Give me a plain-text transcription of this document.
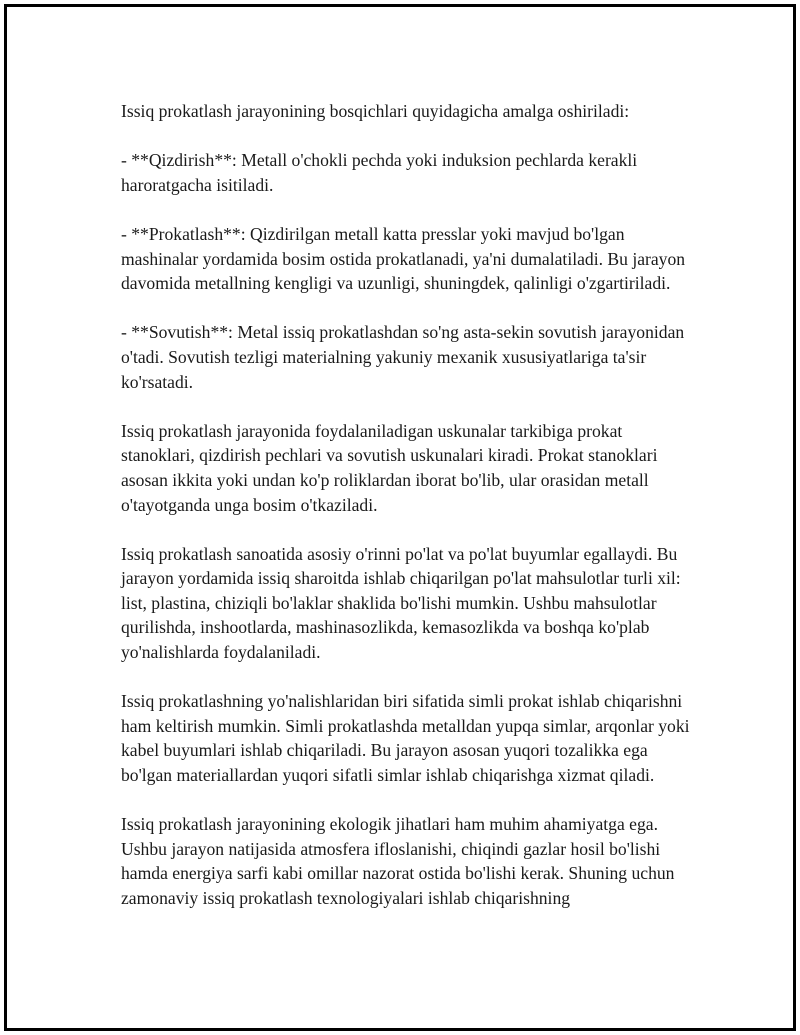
Issiq prokatlash jarayonining bosqichlari quyidagicha amalga oshiriladi:

- **Qizdirish**: Metall o'chokli pechda yoki induksion pechlarda kerakli haroratgacha isitiladi.

- **Prokatlash**: Qizdirilgan metall katta presslar yoki mavjud bo'lgan mashinalar yordamida bosim ostida prokatlanadi, ya'ni dumalatiladi. Bu jarayon davomida metallning kengligi va uzunligi, shuningdek, qalinligi o'zgartiriladi.

- **Sovutish**: Metal issiq prokatlashdan so'ng asta-sekin sovutish jarayonidan o'tadi. Sovutish tezligi materialning yakuniy mexanik xususiyatlariga ta'sir ko'rsatadi.

Issiq prokatlash jarayonida foydalaniladigan uskunalar tarkibiga prokat stanoklari, qizdirish pechlari va sovutish uskunalari kiradi. Prokat stanoklari asosan ikkita yoki undan ko'p roliklardan iborat bo'lib, ular orasidan metall o'tayotganda unga bosim o'tkaziladi.

Issiq prokatlash sanoatida asosiy o'rinni po'lat va po'lat buyumlar egallaydi. Bu jarayon yordamida issiq sharoitda ishlab chiqarilgan po'lat mahsulotlar turli xil: list, plastina, chiziqli bo'laklar shaklida bo'lishi mumkin. Ushbu mahsulotlar qurilishda, inshootlarda, mashinasozlikda, kemasozlikda va boshqa ko'plab yo'nalishlarda foydalaniladi.

Issiq prokatlashning yo'nalishlaridan biri sifatida simli prokat ishlab chiqarishni ham keltirish mumkin. Simli prokatlashda metalldan yupqa simlar, arqonlar yoki kabel buyumlari ishlab chiqariladi. Bu jarayon asosan yuqori tozalikka ega bo'lgan materiallardan yuqori sifatli simlar ishlab chiqarishga xizmat qiladi.

Issiq prokatlash jarayonining ekologik jihatlari ham muhim ahamiyatga ega. Ushbu jarayon natijasida atmosfera ifloslanishi, chiqindi gazlar hosil bo'lishi hamda energiya sarfi kabi omillar nazorat ostida bo'lishi kerak. Shuning uchun zamonaviy issiq prokatlash texnologiyalari ishlab chiqarishning
